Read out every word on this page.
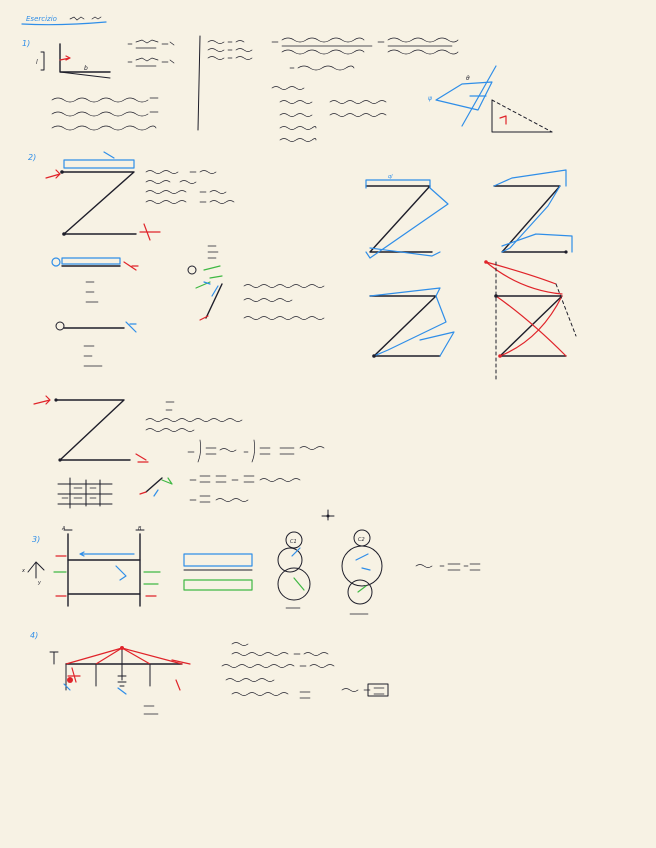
Esercizio
1)
l
b
ψ
θ
2)
ql
3)
x
y
A	B
C1	C2
4)
